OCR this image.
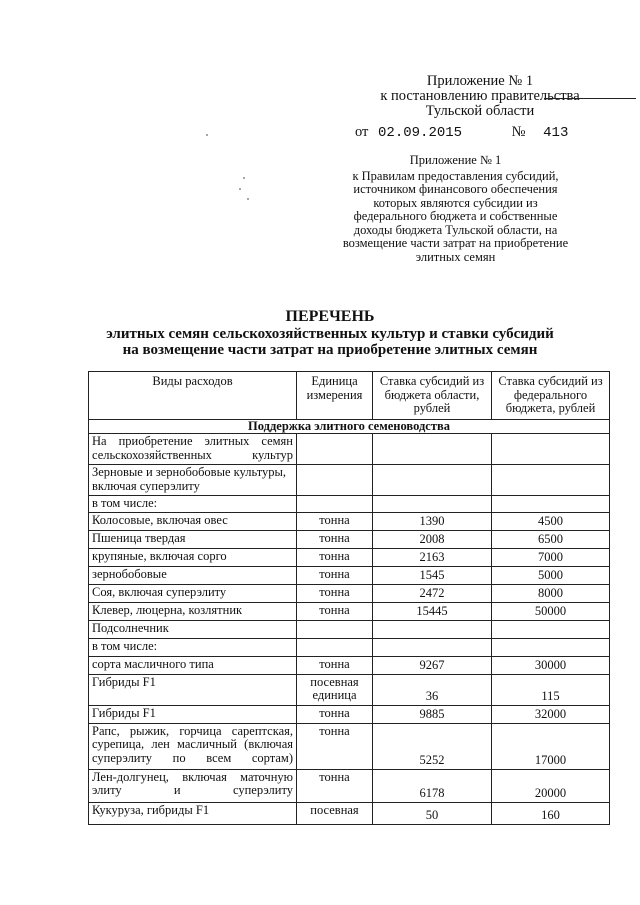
Приложение № 1
к постановлению правительства
Тульской области
от 02.09.2015	№ 413
Приложение № 1
к Правилам предоставления субсидий,
источником финансового обеспечения
которых являются субсидии из
федерального бюджета и собственные
доходы бюджета Тульской области, на
возмещение части затрат на приобретение
элитных семян
ПЕРЕЧЕНЬ
элитных семян сельскохозяйственных культур и ставки субсидий
на возмещение части затрат на приобретение элитных семян
Виды расходов	Единица измерения	Ставка субсидий из бюджета области, рублей	Ставка субсидий из федерального бюджета, рублей
Поддержка элитного семеноводства			
На приобретение элитных семян сельскохозяйственных культур			
Зерновые и зернобобовые культуры, включая суперэлиту			
в том числе:			
Колосовые, включая овес	тонна	1390	4500
Пшеница твердая	тонна	2008	6500
крупяные, включая сорго	тонна	2163	7000
зернобобовые	тонна	1545	5000
Соя, включая суперэлиту	тонна	2472	8000
Клевер, люцерна, козлятник	тонна	15445	50000
Подсолнечник			
в том числе:			
сорта масличного типа	тонна	9267	30000
Гибриды F1	посевная единица	36	115
Гибриды F1	тонна	9885	32000
Рапс, рыжик, горчица сарептская, сурепица, лен масличный (включая суперэлиту по всем сортам)	тонна	5252	17000
Лен-долгунец, включая маточную элиту и суперэлиту	тонна	6178	20000
Кукуруза, гибриды F1	посевная	50	160
